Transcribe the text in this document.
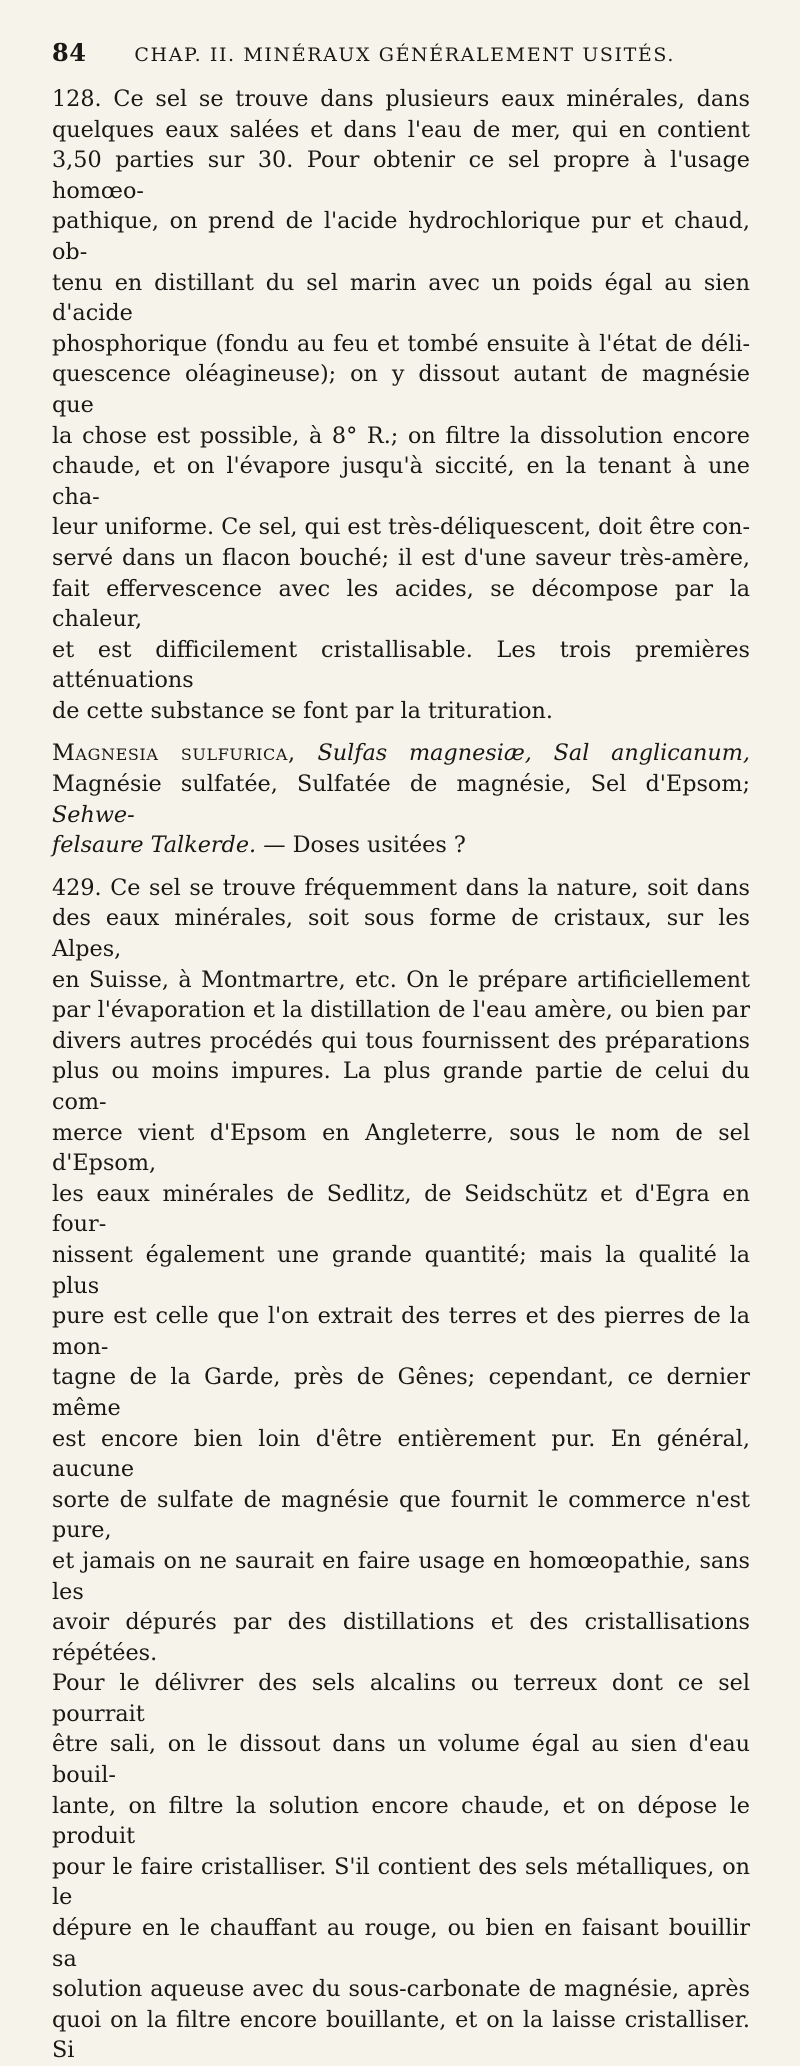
84	CHAP. II. MINÉRAUX GÉNÉRALEMENT USITÉS.
128. Ce sel se trouve dans plusieurs eaux minérales, dans
quelques eaux salées et dans l'eau de mer, qui en contient
3,50 parties sur 30. Pour obtenir ce sel propre à l'usage homœo-
pathique, on prend de l'acide hydrochlorique pur et chaud, ob-
tenu en distillant du sel marin avec un poids égal au sien d'acide
phosphorique (fondu au feu et tombé ensuite à l'état de déli-
quescence oléagineuse); on y dissout autant de magnésie que
la chose est possible, à 8° R.; on filtre la dissolution encore
chaude, et on l'évapore jusqu'à siccité, en la tenant à une cha-
leur uniforme. Ce sel, qui est très-déliquescent, doit être con-
servé dans un flacon bouché; il est d'une saveur très-amère,
fait effervescence avec les acides, se décompose par la chaleur,
et est difficilement cristallisable. Les trois premières atténuations
de cette substance se font par la trituration.
Magnesia sulfurica, Sulfas magnesiæ, Sal anglicanum,
Magnésie sulfatée, Sulfatée de magnésie, Sel d'Epsom; Sehwe-
felsaure Talkerde. — Doses usitées ?
429. Ce sel se trouve fréquemment dans la nature, soit dans
des eaux minérales, soit sous forme de cristaux, sur les Alpes,
en Suisse, à Montmartre, etc. On le prépare artificiellement
par l'évaporation et la distillation de l'eau amère, ou bien par
divers autres procédés qui tous fournissent des préparations
plus ou moins impures. La plus grande partie de celui du com-
merce vient d'Epsom en Angleterre, sous le nom de sel d'Epsom,
les eaux minérales de Sedlitz, de Seidschütz et d'Egra en four-
nissent également une grande quantité; mais la qualité la plus
pure est celle que l'on extrait des terres et des pierres de la mon-
tagne de la Garde, près de Gênes; cependant, ce dernier même
est encore bien loin d'être entièrement pur. En général, aucune
sorte de sulfate de magnésie que fournit le commerce n'est pure,
et jamais on ne saurait en faire usage en homœopathie, sans les
avoir dépurés par des distillations et des cristallisations répétées.
Pour le délivrer des sels alcalins ou terreux dont ce sel pourrait
être sali, on le dissout dans un volume égal au sien d'eau bouil-
lante, on filtre la solution encore chaude, et on dépose le produit
pour le faire cristalliser. S'il contient des sels métalliques, on le
dépure en le chauffant au rouge, ou bien en faisant bouillir sa
solution aqueuse avec du sous-carbonate de magnésie, après
quoi on la filtre encore bouillante, et on la laisse cristalliser. Si
